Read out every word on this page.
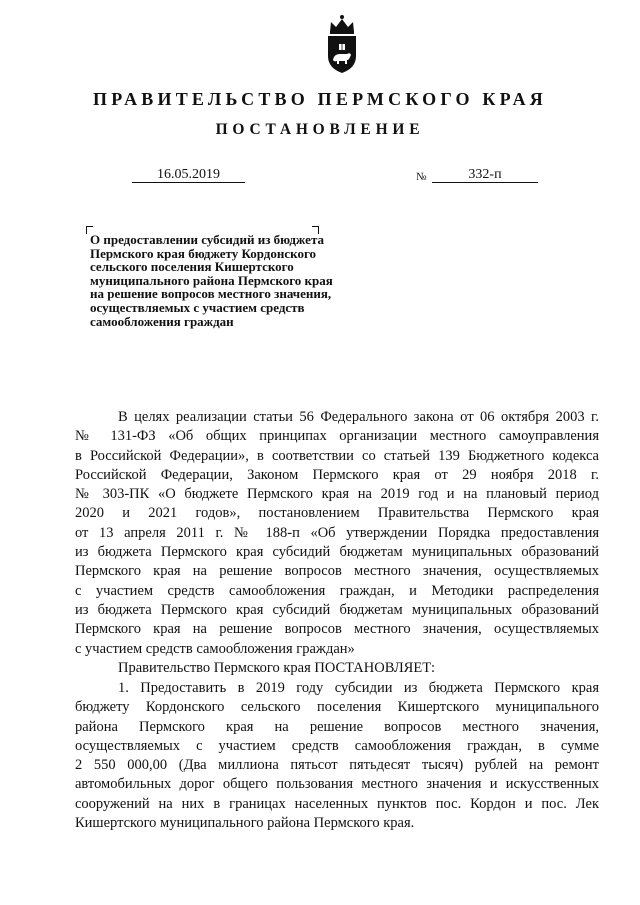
ПРАВИТЕЛЬСТВО ПЕРМСКОГО КРАЯ
ПОСТАНОВЛЕНИЕ
16.05.2019	№	332-п
О предоставлении субсидий из бюджета
Пермского края бюджету Кордонского
сельского поселения Кишертского
муниципального района Пермского края
на решение вопросов местного значения,
осуществляемых с участием средств
самообложения граждан
В целях реализации статьи 56 Федерального закона от 06 октября 2003 г.
№ 131-ФЗ «Об общих принципах организации местного самоуправления
в Российской Федерации», в соответствии со статьей 139 Бюджетного кодекса
Российской Федерации, Законом Пермского края от 29 ноября 2018 г.
№ 303-ПК «О бюджете Пермского края на 2019 год и на плановый период
2020 и 2021 годов», постановлением Правительства Пермского края
от 13 апреля 2011 г. № 188-п «Об утверждении Порядка предоставления
из бюджета Пермского края субсидий бюджетам муниципальных образований
Пермского края на решение вопросов местного значения, осуществляемых
с участием средств самообложения граждан, и Методики распределения
из бюджета Пермского края субсидий бюджетам муниципальных образований
Пермского края на решение вопросов местного значения, осуществляемых
с участием средств самообложения граждан»
Правительство Пермского края ПОСТАНОВЛЯЕТ:
1. Предоставить в 2019 году субсидии из бюджета Пермского края
бюджету Кордонского сельского поселения Кишертского муниципального
района Пермского края на решение вопросов местного значения,
осуществляемых с участием средств самообложения граждан, в сумме
2 550 000,00 (Два миллиона пятьсот пятьдесят тысяч) рублей на ремонт
автомобильных дорог общего пользования местного значения и искусственных
сооружений на них в границах населенных пунктов пос. Кордон и пос. Лек
Кишертского муниципального района Пермского края.
